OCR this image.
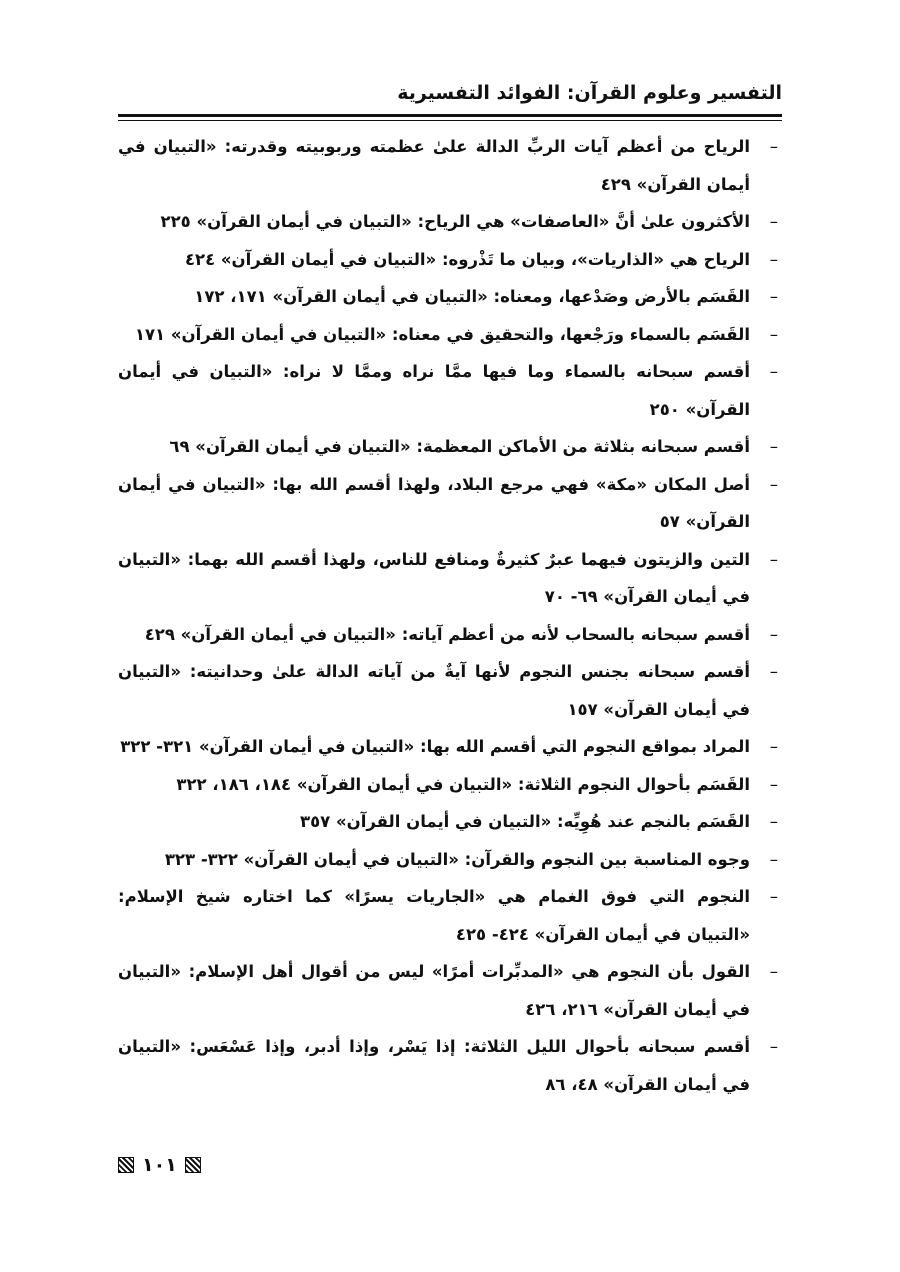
التفسير وعلوم القرآن: الفوائد التفسيرية
–
الرياح من أعظم آيات الربِّ الدالة علىٰ عظمته وربوبيته وقدرته: «التبيان في أيمان القرآن» ٤٢٩
–
الأكثرون علىٰ أنَّ «العاصفات» هي الرياح: «التبيان في أيمان القرآن» ٢٢٥
–
الرياح هي «الذاريات»، وبيان ما تَذْروه: «التبيان في أيمان القرآن» ٤٢٤
–
القَسَم بالأرض وصَدْعها، ومعناه: «التبيان في أيمان القرآن» ١٧١، ١٧٢
–
القَسَم بالسماء ورَجْعها، والتحقيق في معناه: «التبيان في أيمان القرآن» ١٧١
–
أقسم سبحانه بالسماء وما فيها ممَّا نراه وممَّا لا نراه: «التبيان في أيمان القرآن» ٢٥٠
–
أقسم سبحانه بثلاثة من الأماكن المعظمة: «التبيان في أيمان القرآن» ٦٩
–
أصل المكان «مكة» فهي مرجع البلاد، ولهذا أقسم الله بها: «التبيان في أيمان القرآن» ٥٧
–
التين والزيتون فيهما عبرٌ كثيرةٌ ومنافع للناس، ولهذا أقسم الله بهما: «التبيان في أيمان القرآن» ٦٩- ٧٠
–
أقسم سبحانه بالسحاب لأنه من أعظم آياته: «التبيان في أيمان القرآن» ٤٢٩
–
أقسم سبحانه بجنس النجوم لأنها آيةٌ من آياته الدالة علىٰ وحدانيته: «التبيان في أيمان القرآن» ١٥٧
–
المراد بمواقع النجوم التي أقسم الله بها: «التبيان في أيمان القرآن» ٣٢١- ٣٢٢
–
القَسَم بأحوال النجوم الثلاثة: «التبيان في أيمان القرآن» ١٨٤، ١٨٦، ٣٢٢
–
القَسَم بالنجم عند هُوِيِّه: «التبيان في أيمان القرآن» ٣٥٧
–
وجوه المناسبة بين النجوم والقرآن: «التبيان في أيمان القرآن» ٣٢٢- ٣٢٣
–
النجوم التي فوق الغمام هي «الجاريات يسرًا» كما اختاره شيخ الإسلام: «التبيان في أيمان القرآن» ٤٢٤- ٤٢٥
–
القول بأن النجوم هي «المدبِّرات أمرًا» ليس من أقوال أهل الإسلام: «التبيان في أيمان القرآن» ٢١٦، ٤٢٦
–
أقسم سبحانه بأحوال الليل الثلاثة: إذا يَسْر، وإذا أدبر، وإذا عَسْعَس: «التبيان في أيمان القرآن» ٤٨، ٨٦
١٠١
